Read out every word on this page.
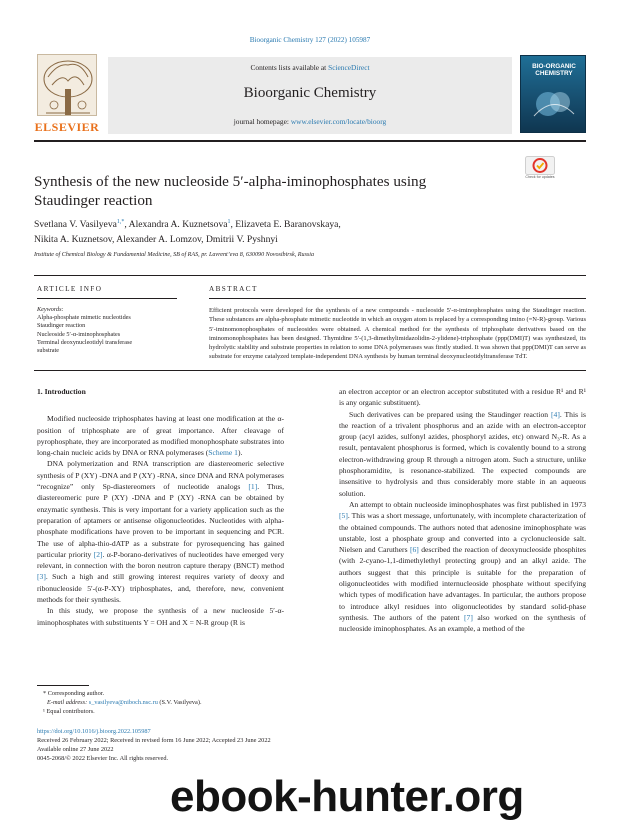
Bioorganic Chemistry 127 (2022) 105987
ELSEVIER
Contents lists available at ScienceDirect
Bioorganic Chemistry
journal homepage: www.elsevier.com/locate/bioorg
BIO-ORGANIC CHEMISTRY
Synthesis of the new nucleoside 5′-alpha-iminophosphates using Staudinger reaction
Check for updates
Svetlana V. Vasilyeva$^{1,*}$, Alexandra A. Kuznetsova$^1$, Elizaveta E. Baranovskaya,
Nikita A. Kuznetsov, Alexander A. Lomzov, Dmitrii V. Pyshnyi
Institute of Chemical Biology & Fundamental Medicine, SB of RAS, pr. Lavrent’eva 8, 630090 Novosibirsk, Russia
ARTICLE INFO	ABSTRACT
Keywords:
Alpha-phosphate mimetic nucleotides
Staudinger reaction
Nucleoside 5′-α-iminophosphates
Terminal deoxynucleotidyl transferase
substrate
Efficient protocols were developed for the synthesis of a new compounds - nucleoside 5′-α-iminophosphates using the Staudinger reaction. These substances are alpha-phosphate mimetic nucleotide in which an oxygen atom is replaced by a corresponding imino (=N-R)-group. Various 5′-iminomonophosphates of nucleosides were obtained. A chemical method for the synthesis of triphosphate derivatives based on the iminomonophosphates has been designed. Thymidine 5′-(1,3-dimethylimidazolidin-2-ylidene)-triphosphate (ppp(DMI)T) was synthesized, its hydrolytic stability and substrate properties in relation to some DNA polymerases was firstly studied. It was shown that ppp(DMI)T can serve as substrate for enzyme catalyzed template-independent DNA synthesis by human terminal deoxynucleotidyltransferase TdT.
1. Introduction

Modified nucleoside triphosphates having at least one modification at the α-position of triphosphate are of great importance. After cleavage of pyrophosphate, they are incorporated as modified monophosphate substrates into long-chain nucleic acids by DNA or RNA polymerases (Scheme 1).

DNA polymerization and RNA transcription are diastereomeric selective synthesis of P (XY) -DNA and P (XY) -RNA, since DNA and RNA polymerases “recognize” only Sp-diastereomers of nucleotide analogs [1]. Thus, diastereomeric pure P (XY) -DNA and P (XY) -RNA can be obtained by enzymatic synthesis. This is very important for a variety application such as the preparation of aptamers or antisense oligonucleotides. Nucleotides with alpha-phosphate modifications have proven to be important in sequencing and PCR. The use of alpha-thio-dATP as a substrate for pyrosequencing has gained particular priority [2]. α-P-borano-derivatives of nucleotides have emerged very relevant, in connection with the boron neutron capture therapy (BNCT) method [3]. Such a high and still growing interest requires variety of deoxy and ribonucleoside 5′-(α-P-XY) triphosphates, and, therefore, new, convenient methods for their synthesis.

In this study, we propose the synthesis of a new nucleoside 5′-α-iminophosphates with substituents Y = OH and X = N-R group (R is

an electron acceptor or an electron acceptor substituted with a residue R¹ and R¹ is any organic substituent).

Such derivatives can be prepared using the Staudinger reaction [4]. This is the reaction of a trivalent phosphorus and an azide with an electron-acceptor group (acyl azides, sulfonyl azides, phosphoryl azides, etc) onward N₃-R. As a result, pentavalent phosphorus is formed, which is covalently bound to a strong electron-withdrawing group R through a nitrogen atom. Such a structure, unlike phosphoramidite, is resonance-stabilized. The expected compounds are insensitive to hydrolysis and thus considerably more stable in an aqueous solution.

An attempt to obtain nucleoside iminophosphates was first published in 1973 [5]. This was a short message, unfortunately, with incomplete characterization of the obtained compounds. The authors noted that adenosine iminophosphate was unstable, lost a phosphate group and converted into a cyclonucleoside salt. Nielsen and Caruthers [6] described the reaction of deoxynucleoside phosphites (with 2-cyano-1,1-dimethylethyl protecting group) and an alkyl azide. The authors suggest that this principle is suitable for the preparation of oligonucleotides with modified internucleoside phosphate without specifying which types of modification have advantages. In particular, the authors propose to introduce alkyl residues into oligonucleotides by standard solid-phase synthesis. The authors of the patent [7] also worked on the synthesis of nucleoside iminophosphates. As an example, a method of the

* Corresponding author.
E-mail address: s_vasilyeva@niboch.nsc.ru (S.V. Vasilyeva).
¹ Equal contributors.
https://doi.org/10.1016/j.bioorg.2022.105987
Received 26 February 2022; Received in revised form 16 June 2022; Accepted 23 June 2022
Available online 27 June 2022
0045-2068/© 2022 Elsevier Inc. All rights reserved.
ebook-hunter.org
